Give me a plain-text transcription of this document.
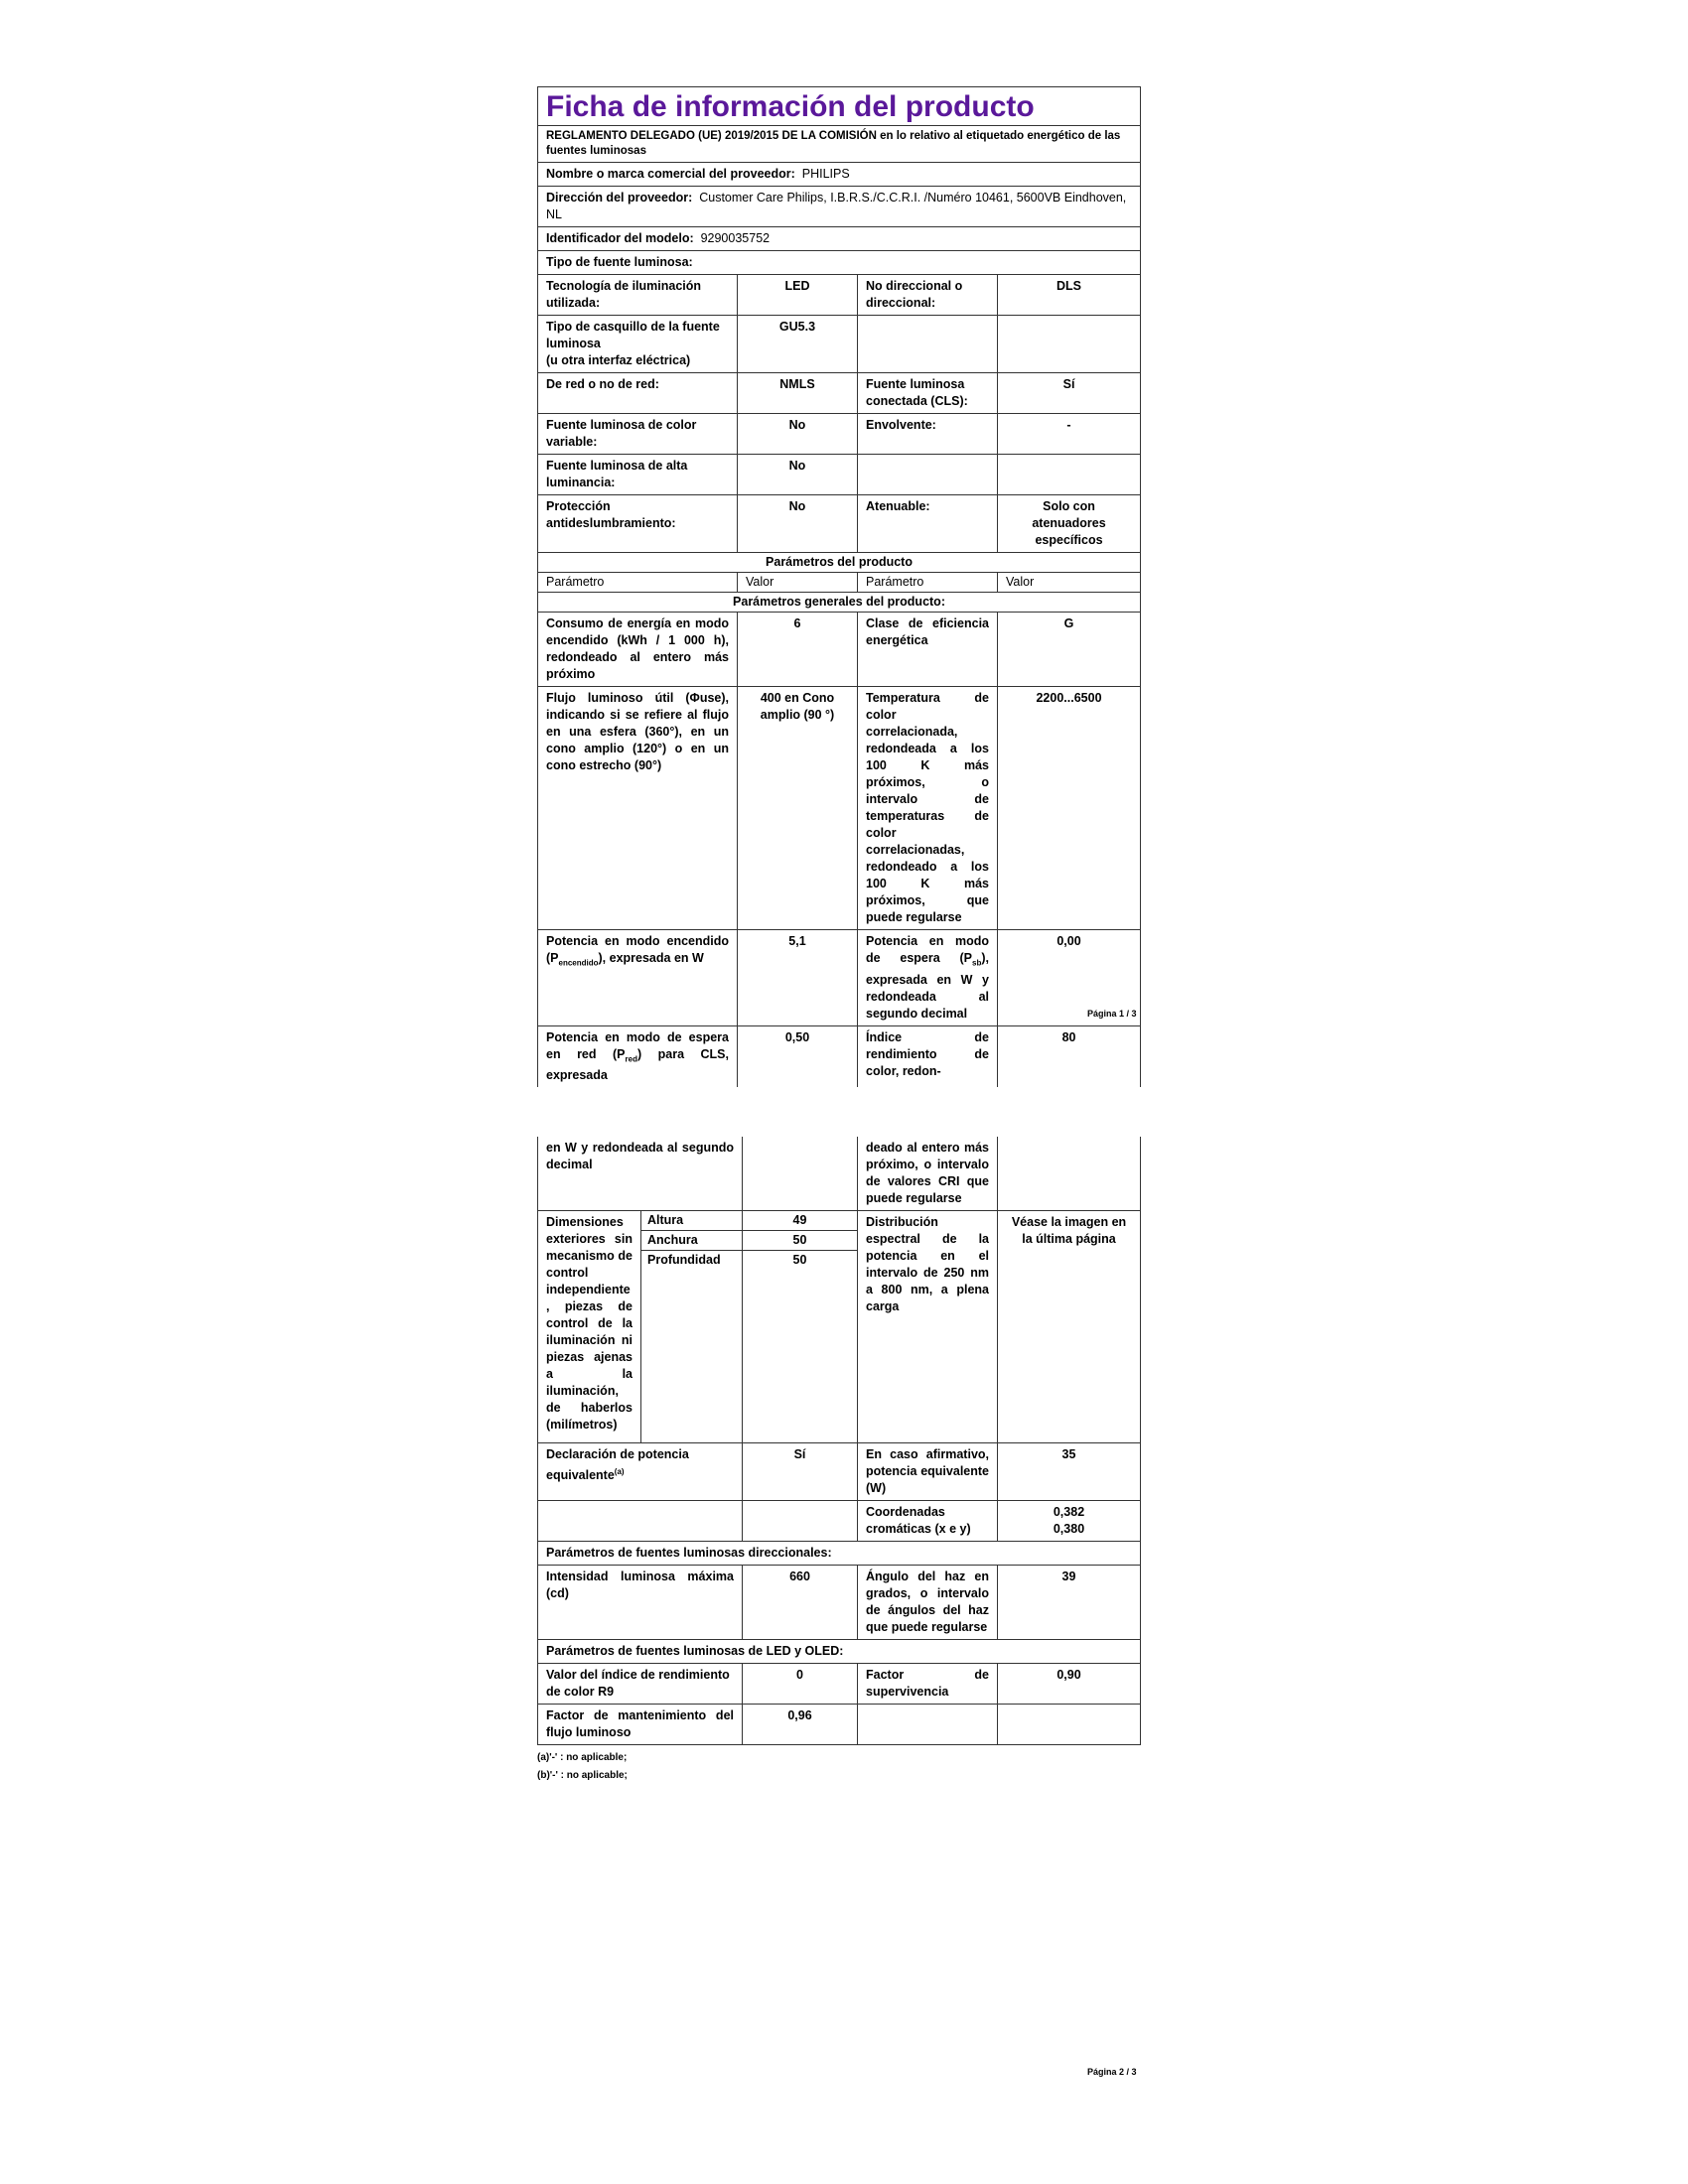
Ficha de información del producto			
REGLAMENTO DELEGADO (UE) 2019/2015 DE LA COMISIÓN en lo relativo al etiquetado energético de las fuentes luminosas			
Nombre o marca comercial del proveedor: PHILIPS			
Dirección del proveedor: Customer Care Philips, I.B.R.S./C.C.R.I. /Numéro 10461, 5600VB Eindhoven, NL			
Identificador del modelo: 9290035752			
Tipo de fuente luminosa:			
Tecnología de iluminación utilizada:	LED	No direccional o direccional:	DLS
Tipo de casquillo de la fuente luminosa
(u otra interfaz eléctrica)	GU5.3		
De red o no de red:	NMLS	Fuente luminosa conectada (CLS):	Sí
Fuente luminosa de color variable:	No	Envolvente:	-
Fuente luminosa de alta luminancia:	No		
Protección antideslumbramiento:	No	Atenuable:	Solo con atenuadores específicos
Parámetros del producto			
Parámetro	Valor	Parámetro	Valor
Parámetros generales del producto:			
Consumo de energía en modo encendido (kWh / 1 000 h), redondeado al entero más próximo	6	Clase de eficiencia energética	G
Flujo luminoso útil (Φuse), indicando si se refiere al flujo en una esfera (360°), en un cono amplio (120°) o en un cono estrecho (90°)	400 en Cono amplio (90 °)	Temperatura de color correlacionada, redondeada a los 100 K más próximos, o intervalo de temperaturas de color correlacionadas, redondeado a los 100 K más próximos, que puede regularse	2200...6500
Potencia en modo encendido $(P_{encendido})$, expresada en W	5,1	Potencia en modo de espera $(P_{sb})$, expresada en W y redondeada al segundo decimal	0,00
Potencia en modo de espera en red $(P_{red})$ para CLS, expresada	0,50	Índice de rendimiento de color, redon-	80
Página 1 / 3
en W y redondeada al segundo decimal			deado al entero más próximo, o intervalo de valores CRI que puede regularse	
Dimensiones exteriores sin mecanismo de control independiente, piezas de control de la iluminación ni piezas ajenas a la iluminación, de haberlos (milímetros)	Altura	49	Distribución espectral de la potencia en el intervalo de 250 nm a 800 nm, a plena carga	Véase la imagen en la última página
	Anchura	50		
	Profundidad	50		
Declaración de potencia equivalente$^{(a)}$		Sí	En caso afirmativo, potencia equivalente (W)	35
			Coordenadas cromáticas (x e y)	0,382
0,380
Parámetros de fuentes luminosas direccionales:				
Intensidad luminosa máxima (cd)		660	Ángulo del haz en grados, o intervalo de ángulos del haz que puede regularse	39
Parámetros de fuentes luminosas de LED y OLED:				
Valor del índice de rendimiento de color R9		0	Factor de supervivencia	0,90
Factor de mantenimiento del flujo luminoso		0,96		
(a)'-' : no aplicable;
(b)'-' : no aplicable;
Página 2 / 3
